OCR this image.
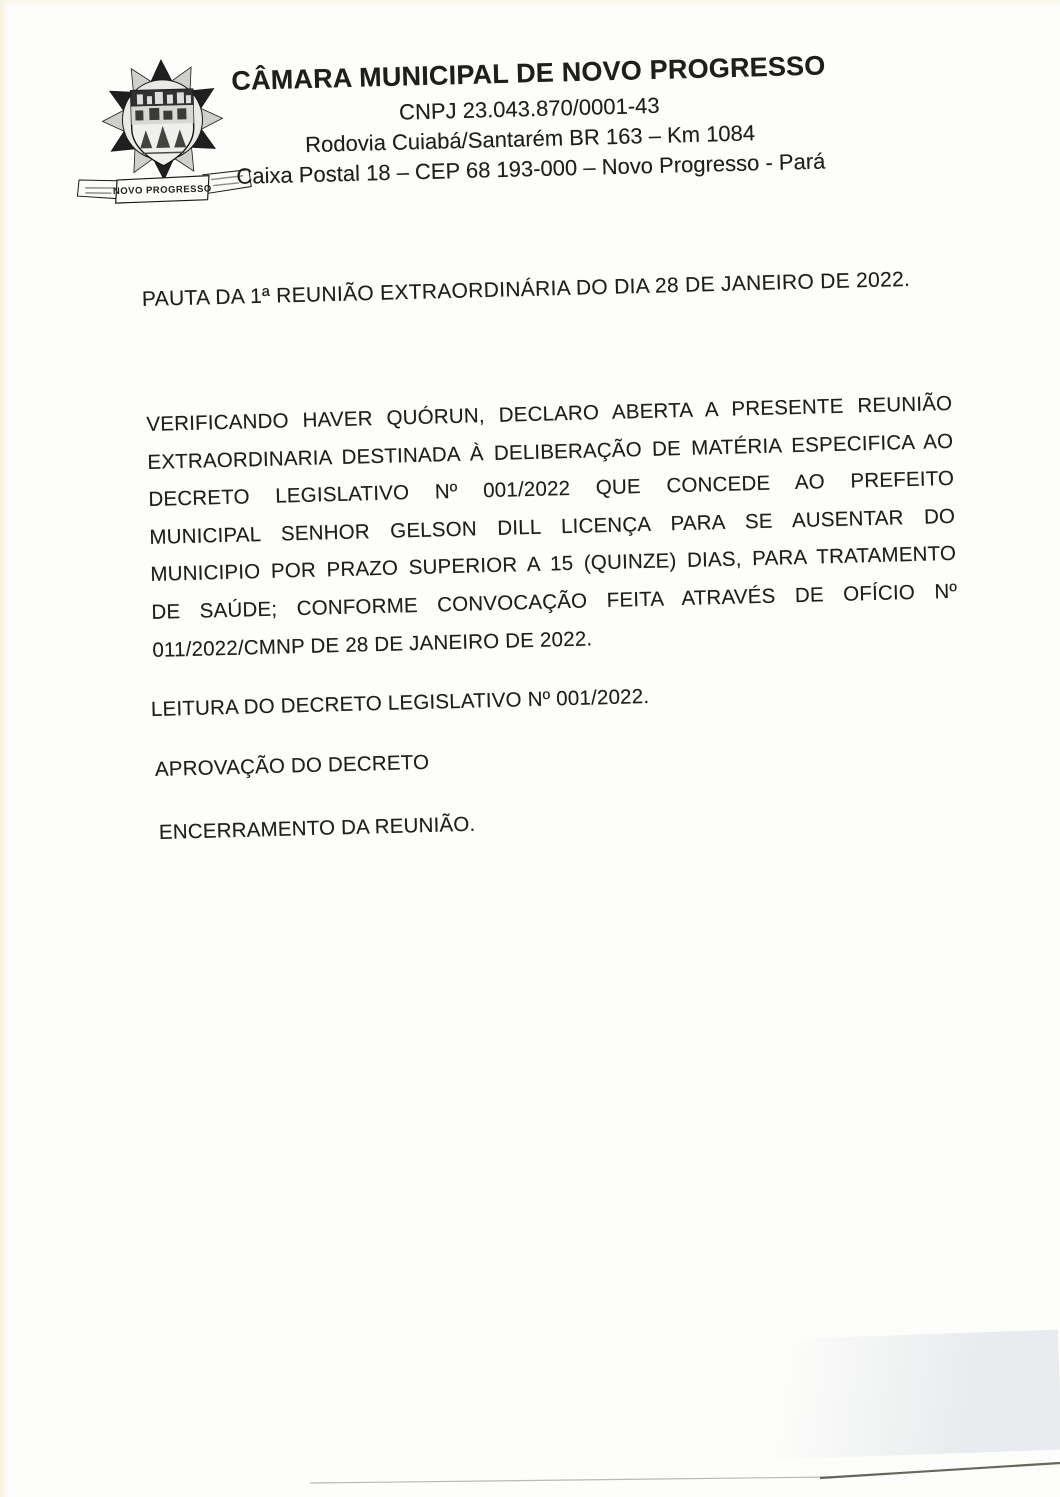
NOVO PROGRESSO
CÂMARA MUNICIPAL DE NOVO PROGRESSO
CNPJ 23.043.870/0001-43
Rodovia Cuiabá/Santarém BR 163 – Km 1084
Caixa Postal 18 – CEP 68 193-000 – Novo Progresso - Pará
PAUTA DA 1ª REUNIÃO EXTRAORDINÁRIA DO DIA 28 DE JANEIRO DE 2022.
VERIFICANDO HAVER QUÓRUN, DECLARO ABERTA A PRESENTE REUNIÃO
EXTRAORDINARIA DESTINADA À DELIBERAÇÃO DE MATÉRIA ESPECIFICA AO
DECRETO LEGISLATIVO Nº 001/2022 QUE CONCEDE AO PREFEITO
MUNICIPAL SENHOR GELSON DILL LICENÇA PARA SE AUSENTAR DO
MUNICIPIO POR PRAZO SUPERIOR A 15 (QUINZE) DIAS, PARA TRATAMENTO
DE SAÚDE; CONFORME CONVOCAÇÃO FEITA ATRAVÉS DE OFÍCIO Nº
011/2022/CMNP DE 28 DE JANEIRO DE 2022.
LEITURA DO DECRETO LEGISLATIVO Nº 001/2022.
APROVAÇÃO DO DECRETO
ENCERRAMENTO DA REUNIÃO.
